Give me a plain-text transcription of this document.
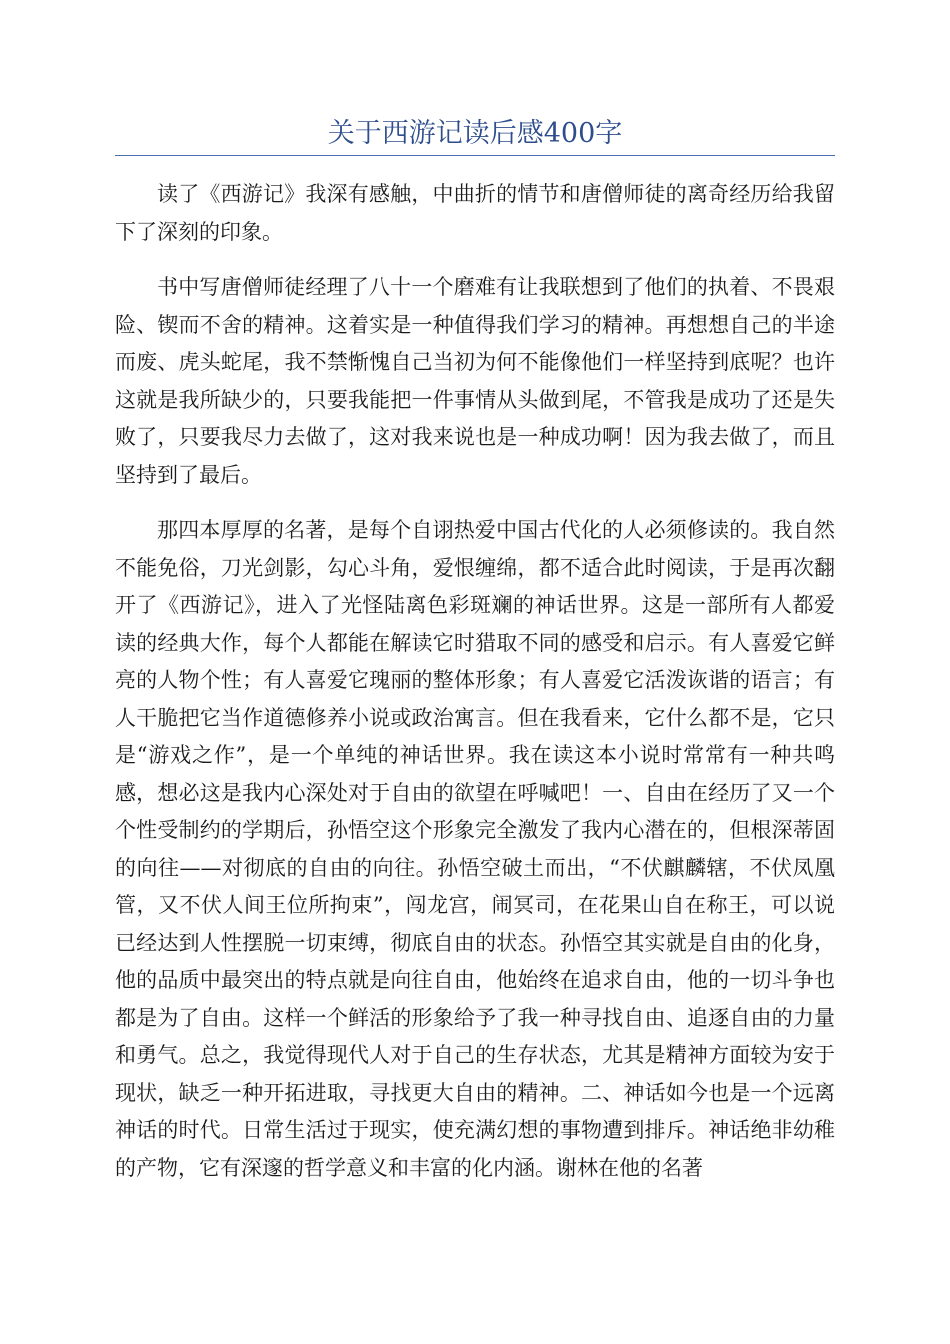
关于西游记读后感400字

读了《西游记》我深有感触，中曲折的情节和唐僧师徒的离奇经历给我留下了深刻的印象。

书中写唐僧师徒经理了八十一个磨难有让我联想到了他们的执着、不畏艰险、锲而不舍的精神。这着实是一种值得我们学习的精神。再想想自己的半途而废、虎头蛇尾，我不禁惭愧自己当初为何不能像他们一样坚持到底呢？也许这就是我所缺少的，只要我能把一件事情从头做到尾，不管我是成功了还是失败了，只要我尽力去做了，这对我来说也是一种成功啊！因为我去做了，而且坚持到了最后。

那四本厚厚的名著，是每个自诩热爱中国古代化的人必须修读的。我自然不能免俗，刀光剑影，勾心斗角，爱恨缠绵，都不适合此时阅读，于是再次翻开了《西游记》，进入了光怪陆离色彩斑斓的神话世界。这是一部所有人都爱读的经典大作，每个人都能在解读它时猎取不同的感受和启示。有人喜爱它鲜亮的人物个性；有人喜爱它瑰丽的整体形象；有人喜爱它活泼诙谐的语言；有人干脆把它当作道德修养小说或政治寓言。但在我看来，它什么都不是，它只是“游戏之作”，是一个单纯的神话世界。我在读这本小说时常常有一种共鸣感，想必这是我内心深处对于自由的欲望在呼喊吧！一、自由在经历了又一个个性受制约的学期后，孙悟空这个形象完全激发了我内心潜在的，但根深蒂固的向往——对彻底的自由的向往。孙悟空破土而出，“不伏麒麟辖，不伏凤凰管，又不伏人间王位所拘束”，闯龙宫，闹冥司，在花果山自在称王，可以说已经达到人性摆脱一切束缚，彻底自由的状态。孙悟空其实就是自由的化身，他的品质中最突出的特点就是向往自由，他始终在追求自由，他的一切斗争也都是为了自由。这样一个鲜活的形象给予了我一种寻找自由、追逐自由的力量和勇气。总之，我觉得现代人对于自己的生存状态，尤其是精神方面较为安于现状，缺乏一种开拓进取，寻找更大自由的精神。二、神话如今也是一个远离神话的时代。日常生活过于现实，使充满幻想的事物遭到排斥。神话绝非幼稚的产物，它有深邃的哲学意义和丰富的化内涵。谢林在他的名著
